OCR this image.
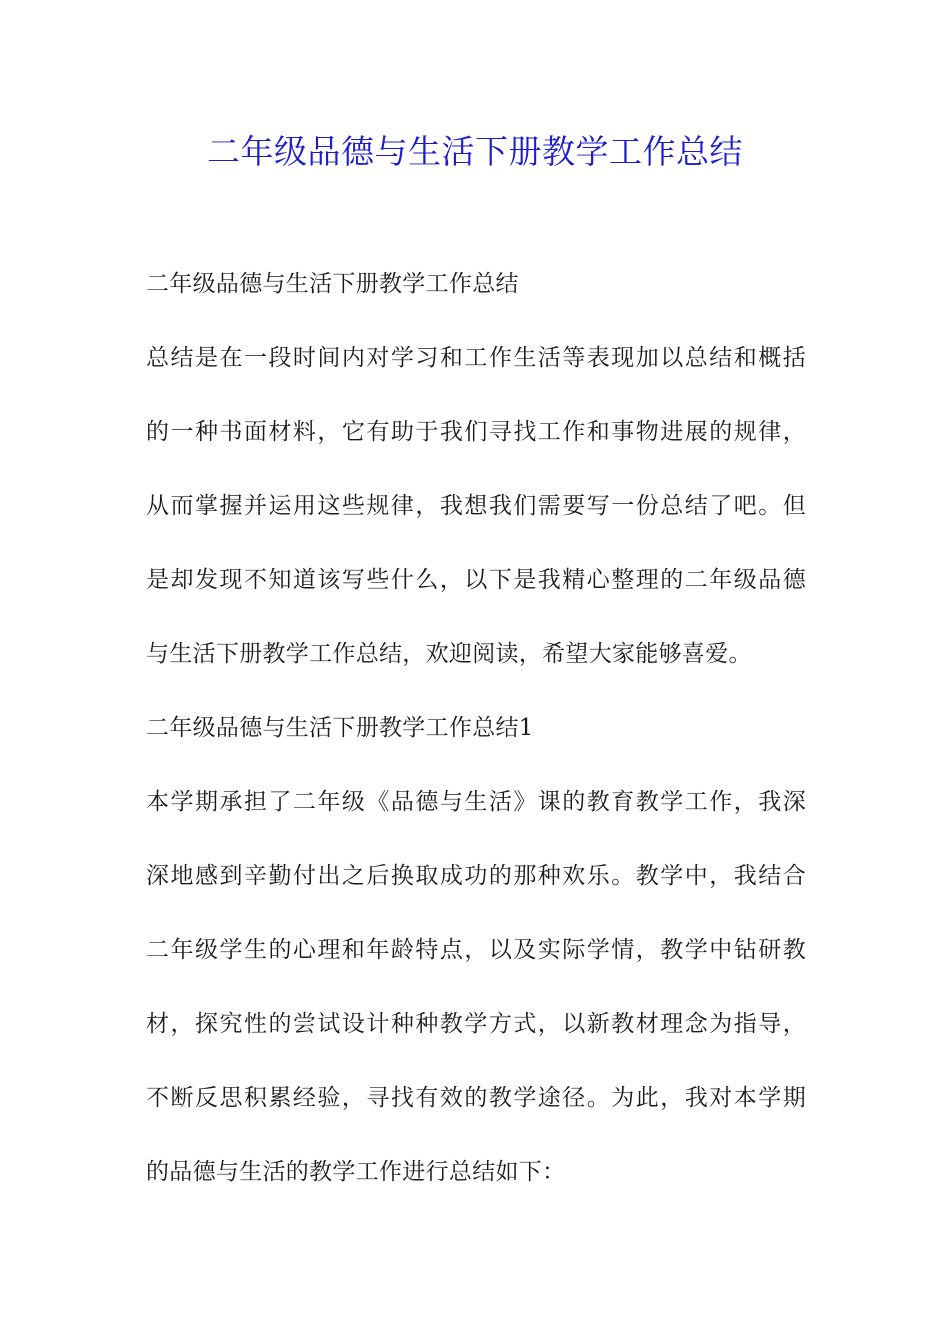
二年级品德与生活下册教学工作总结
二年级品德与生活下册教学工作总结
总结是在一段时间内对学习和工作生活等表现加以总结和概括
的一种书面材料，它有助于我们寻找工作和事物进展的规律，
从而掌握并运用这些规律，我想我们需要写一份总结了吧。但
是却发现不知道该写些什么，以下是我精心整理的二年级品德
与生活下册教学工作总结，欢迎阅读，希望大家能够喜爱。
二年级品德与生活下册教学工作总结1
本学期承担了二年级《品德与生活》课的教育教学工作，我深
深地感到辛勤付出之后换取成功的那种欢乐。教学中，我结合
二年级学生的心理和年龄特点，以及实际学情，教学中钻研教
材，探究性的尝试设计种种教学方式，以新教材理念为指导，
不断反思积累经验，寻找有效的教学途径。为此，我对本学期
的品德与生活的教学工作进行总结如下：
